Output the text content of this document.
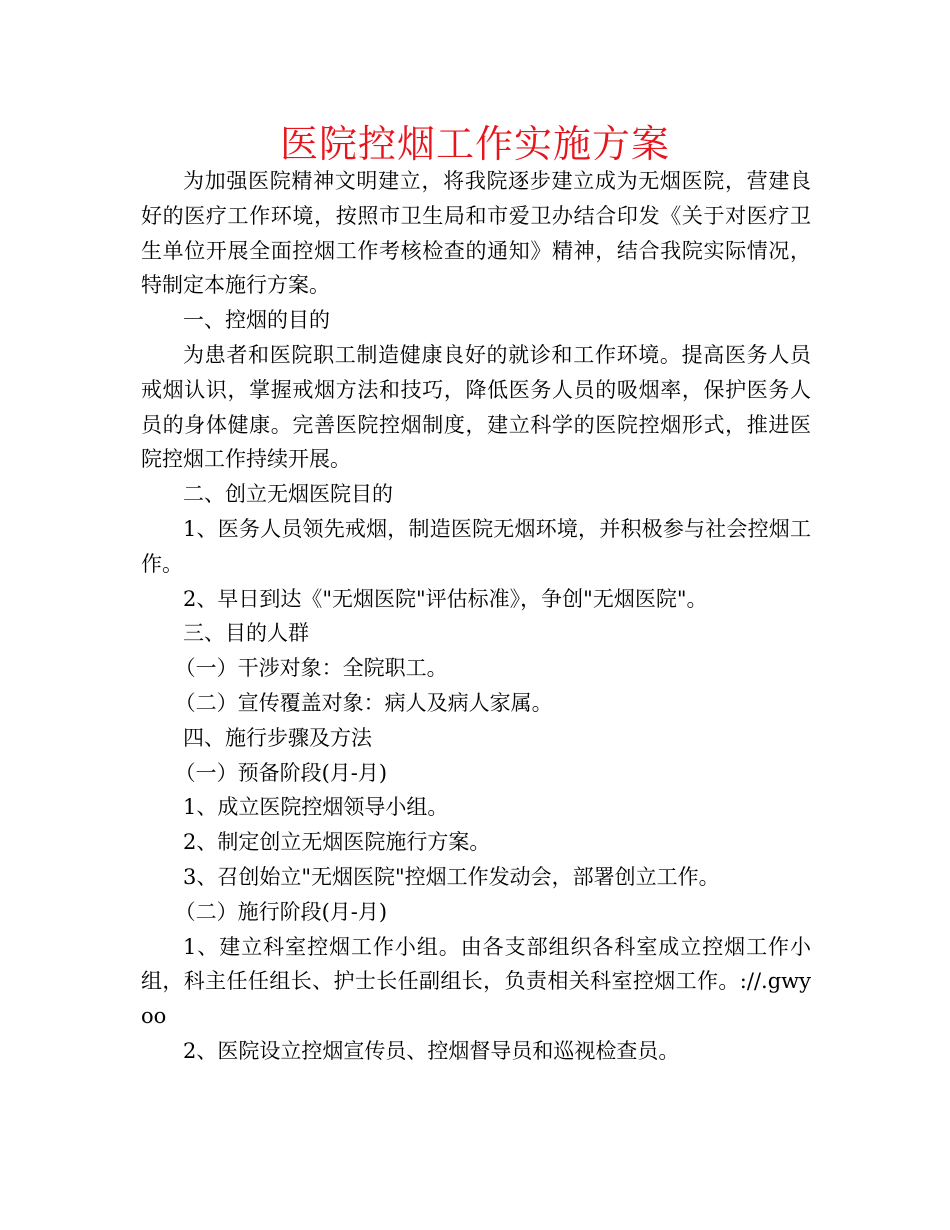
医院控烟工作实施方案

为加强医院精神文明建立，将我院逐步建立成为无烟医院，营建良好的医疗工作环境，按照市卫生局和市爱卫办结合印发《关于对医疗卫生单位开展全面控烟工作考核检查的通知》精神，结合我院实际情况，特制定本施行方案。

一、控烟的目的

为患者和医院职工制造健康良好的就诊和工作环境。提高医务人员戒烟认识，掌握戒烟方法和技巧，降低医务人员的吸烟率，保护医务人员的身体健康。完善医院控烟制度，建立科学的医院控烟形式，推进医院控烟工作持续开展。

二、创立无烟医院目的

1、医务人员领先戒烟，制造医院无烟环境，并积极参与社会控烟工作。

2、早日到达《"无烟医院"评估标准》，争创"无烟医院"。

三、目的人群

（一）干涉对象：全院职工。

（二）宣传覆盖对象：病人及病人家属。

四、施行步骤及方法

（一）预备阶段(月-月)

1、成立医院控烟领导小组。

2、制定创立无烟医院施行方案。

3、召创始立"无烟医院"控烟工作发动会，部署创立工作。

（二）施行阶段(月-月)

1、建立科室控烟工作小组。由各支部组织各科室成立控烟工作小组，科主任任组长、护士长任副组长，负责相关科室控烟工作。://.gwyoo

2、医院设立控烟宣传员、控烟督导员和巡视检查员。
